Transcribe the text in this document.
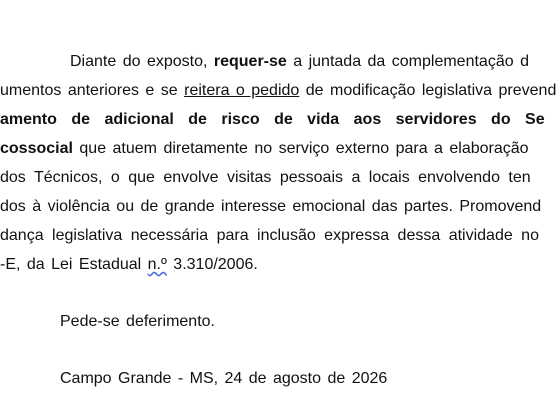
Diante do exposto, requer-se a juntada da complementação d
umentos anteriores e se reitera o pedido de modificação legislativa prevend
amento de adicional de risco de vida aos servidores do Se
cossocial que atuem diretamente no serviço externo para a elaboração
dos Técnicos, o que envolve visitas pessoais a locais envolvendo ten
dos à violência ou de grande interesse emocional das partes. Promovend
dança legislativa necessária para inclusão expressa dessa atividade no
-E, da Lei Estadual n.º 3.310/2006.
Pede-se deferimento.
Campo Grande - MS, 24 de agosto de 2026
